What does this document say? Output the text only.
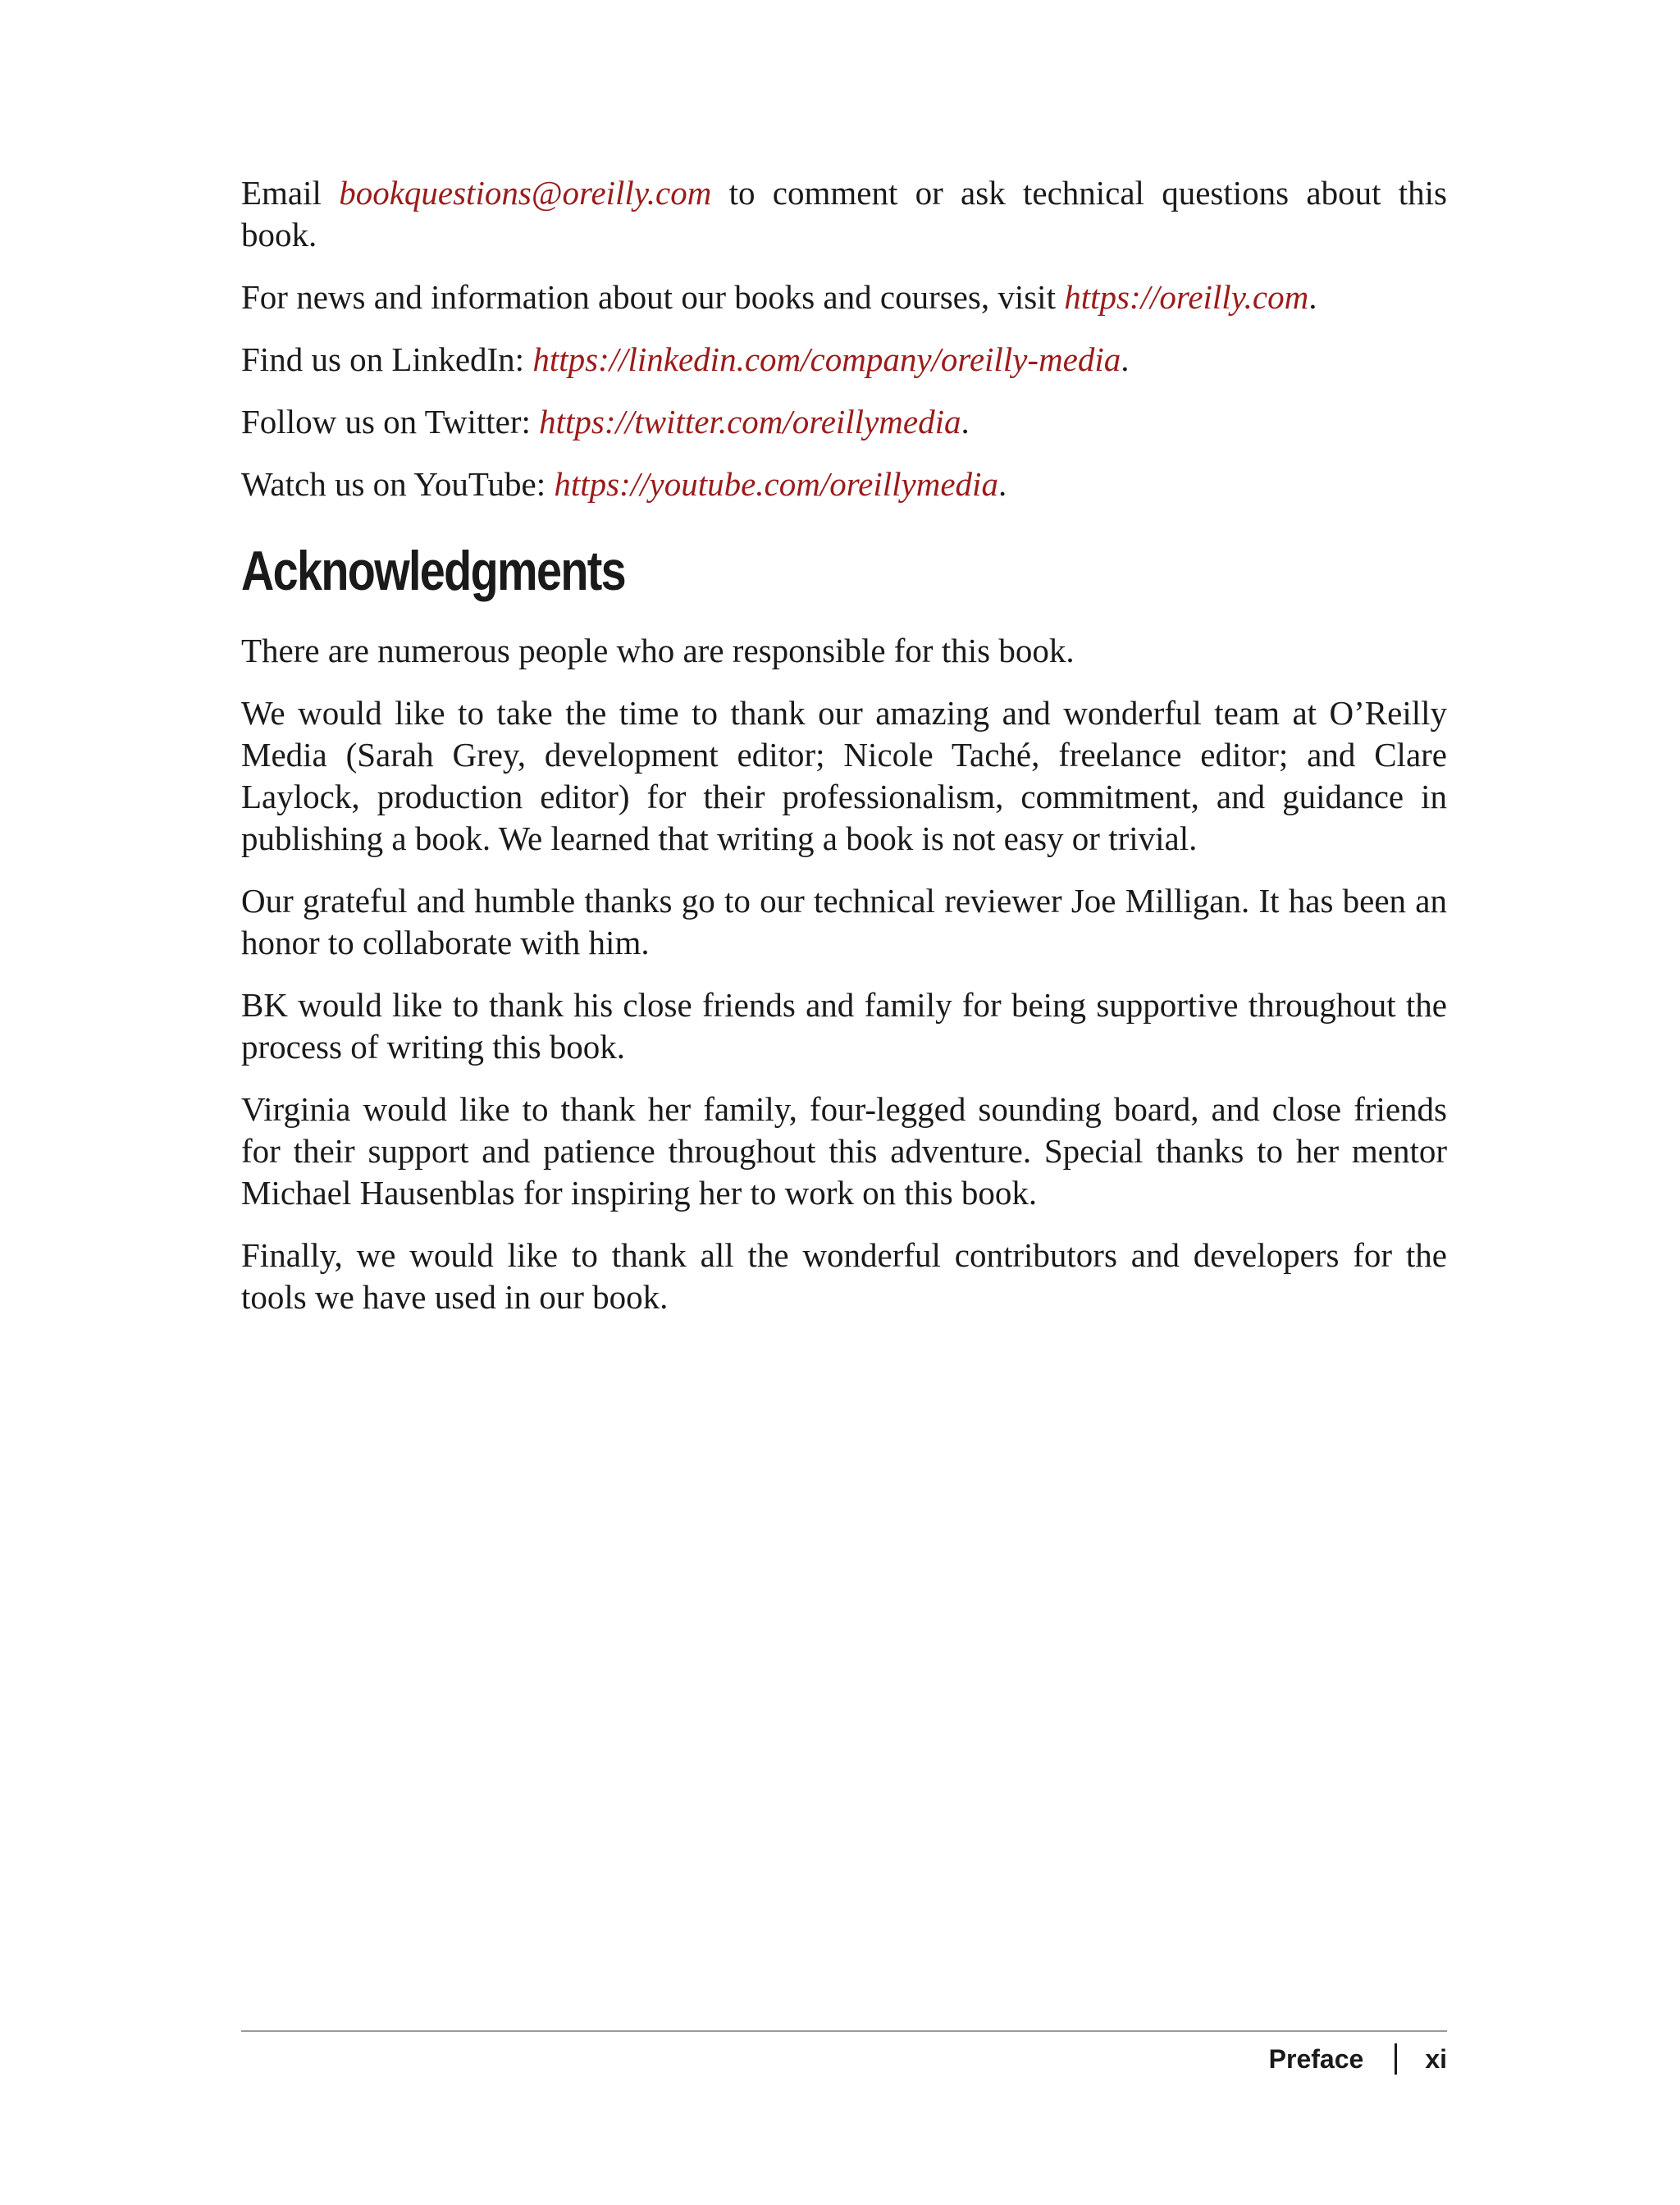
Email bookquestions@oreilly.com to comment or ask technical questions about this book.

For news and information about our books and courses, visit https://oreilly.com.

Find us on LinkedIn: https://linkedin.com/company/oreilly-media.

Follow us on Twitter: https://twitter.com/oreillymedia.

Watch us on YouTube: https://youtube.com/oreillymedia.

Acknowledgments

There are numerous people who are responsible for this book.

We would like to take the time to thank our amazing and wonderful team at O’Reilly Media (Sarah Grey, development editor; Nicole Taché, freelance editor; and Clare Laylock, production editor) for their professionalism, commitment, and guidance in publishing a book. We learned that writing a book is not easy or trivial.

Our grateful and humble thanks go to our technical reviewer Joe Milligan. It has been an honor to collaborate with him.

BK would like to thank his close friends and family for being supportive throughout the process of writing this book.

Virginia would like to thank her family, four-legged sounding board, and close friends for their support and patience throughout this adventure. Special thanks to her mentor Michael Hausenblas for inspiring her to work on this book.

Finally, we would like to thank all the wonderful contributors and developers for the tools we have used in our book.

Preface xi
